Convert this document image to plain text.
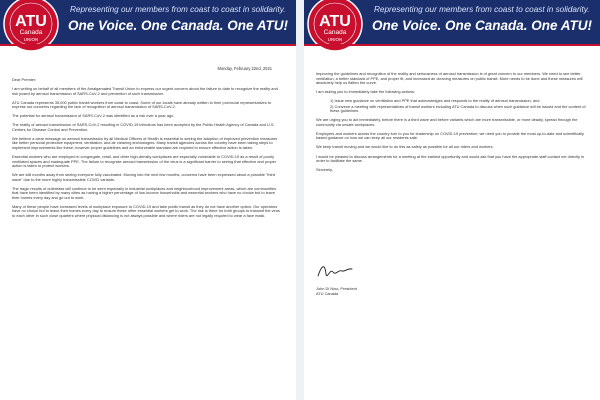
ATU
Canada
UNION
Representing our members from coast to coast in solidarity.
One Voice. One Canada. One ATU!
Monday, February 22nd, 2021

Dear Premier:

I am writing on behalf of all members of the Amalgamated Transit Union to express our urgent concern about the failure to date to recognize the reality and risk posed by aerosol transmission of SARS-CoV-2 and prevention of such transmission.

ATU Canada represents 35,000 public transit workers from coast to coast. Some of our locals have already written to their provincial representatives to express our concerns regarding the lack of recognition of aerosol transmission of SARS-CoV-2.

The potential for aerosol transmission of SARS-CoV-2 was identified as a risk over a year ago.

The reality of aerosol transmission of SARS-CoV-2 resulting in COVID-19 infections has been accepted by the Public Health Agency of Canada and U.S. Centers for Disease Control and Prevention.

We believe a clear message on aerosol transmission by all Medical Officers of Health is essential to seeing the adoption of improved prevention measures like better personal protective equipment, ventilation, and air cleaning technologies. Many transit agencies across the country have been taking steps to implement improvements like these; however proper guidelines and an enforceable standard are required to ensure effective action is taken.

Essential workers who are employed in congregate, retail, and other high-density workplaces are especially vulnerable to COVID-19 as a result of poorly ventilated spaces and inadequate PPE. The failure to recognize aerosol transmission of the virus is a significant barrier to seeing that effective and proper action is taken to protect workers.

We are still months away from seeing everyone fully vaccinated. Moving into the next few months, concerns have been expressed about a possible "third wave" due to the more highly transmissible COVID variants.

The tragic results of outbreaks will continue to be seen especially in industrial workplaces and neighbourhood improvement areas, which are communities that have been identified by many cities as having a higher percentage of low-income households and essential workers who have no choice but to leave their homes every day and go out to work.

Many of these people have increased levels of workplace exposure to COVID-19 and take public transit as they do not have another option. Our operators have no choice but to leave their homes every day to ensure these other essential workers get to work. The risk is there for both groups to transmit the virus to each other in such close quarters where physical distancing is not always possible and where riders are not legally required to wear a face mask.

ATU
Canada
UNION
Representing our members from coast to coast in solidarity.
One Voice. One Canada. One ATU!

Improving the guidelines and recognition of the reality and seriousness of aerosol transmission is of great concern to our members. We need to see better ventilation, a better standard of PPE, and proper fit, and increased air cleaning measures on public transit. More needs to be done and these measures will absolutely help us flatten the curve.

I am asking you to immediately take the following actions:

1) Issue new guidance on ventilation and PPE that acknowledges and responds to the reality of aerosol transmission; and

2) Convene a meeting with representatives of transit workers including ATU Canada to discuss when such guidance will be issued and the content of these guidelines.

We are urging you to act immediately, before there is a third wave and before variants which are more transmissible, or more deadly, spread through the community via unsafe workplaces.

Employers and workers across the country turn to you for leadership on COVID-19 prevention; we need you to provide the most up-to-date and scientifically based guidance on how we can keep all our residents safe.

We keep transit moving and we would like to do this as safely as possible for all our riders and workers.

I would be pleased to discuss arrangements for a meeting at the earliest opportunity and would ask that you have the appropriate staff contact me directly in order to facilitate the same.

Sincerely,

John Di Nino, President
ATU Canada
